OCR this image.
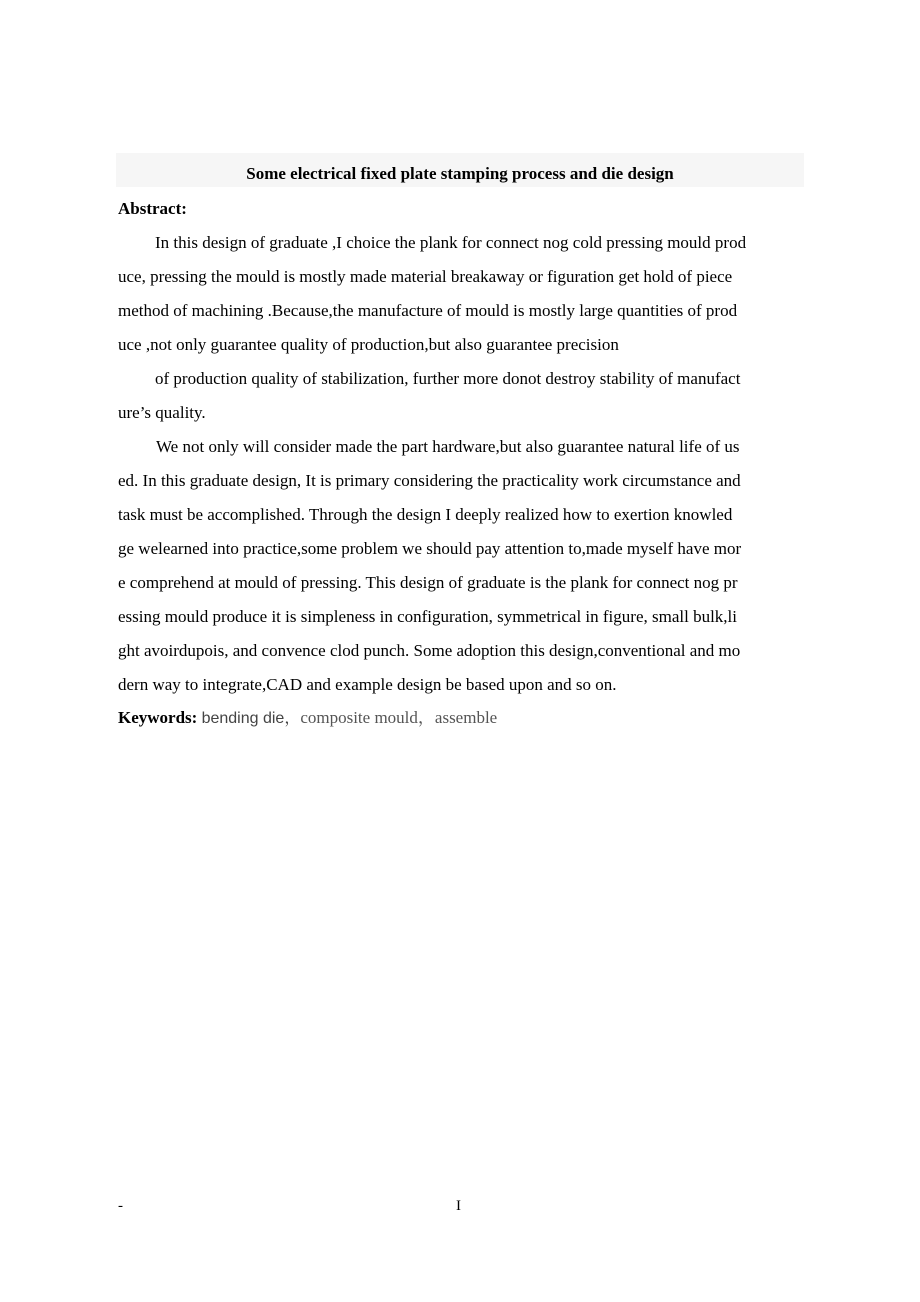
Some electrical fixed plate stamping process and die design
Abstract:
In this design of graduate ,I choice the plank for connect nog cold pressing mould prod
uce, pressing the mould is mostly made material breakaway or figuration get hold of piece
method of machining .Because,the manufacture of mould is mostly large quantities of prod
uce ,not only guarantee quality of production,but also guarantee precision
of production quality of stabilization, further more donot destroy stability of manufact
ure’s quality.
We not only will consider made the part hardware,but also guarantee natural life of us
ed. In this graduate design, It is primary considering the practicality work circumstance and
task must be accomplished. Through the design I deeply realized how to exertion knowled
ge welearned into practice,some problem we should pay attention to,made myself have mor
e comprehend at mould of pressing. This design of graduate is the plank for connect nog pr
essing mould produce it is simpleness in configuration, symmetrical in figure, small bulk,li
ght avoirdupois, and convence clod punch. Some adoption this design,conventional and mo
dern way to integrate,CAD and example design be based upon and so on.
Keywords: bending die，composite mould，assemble
-	I
